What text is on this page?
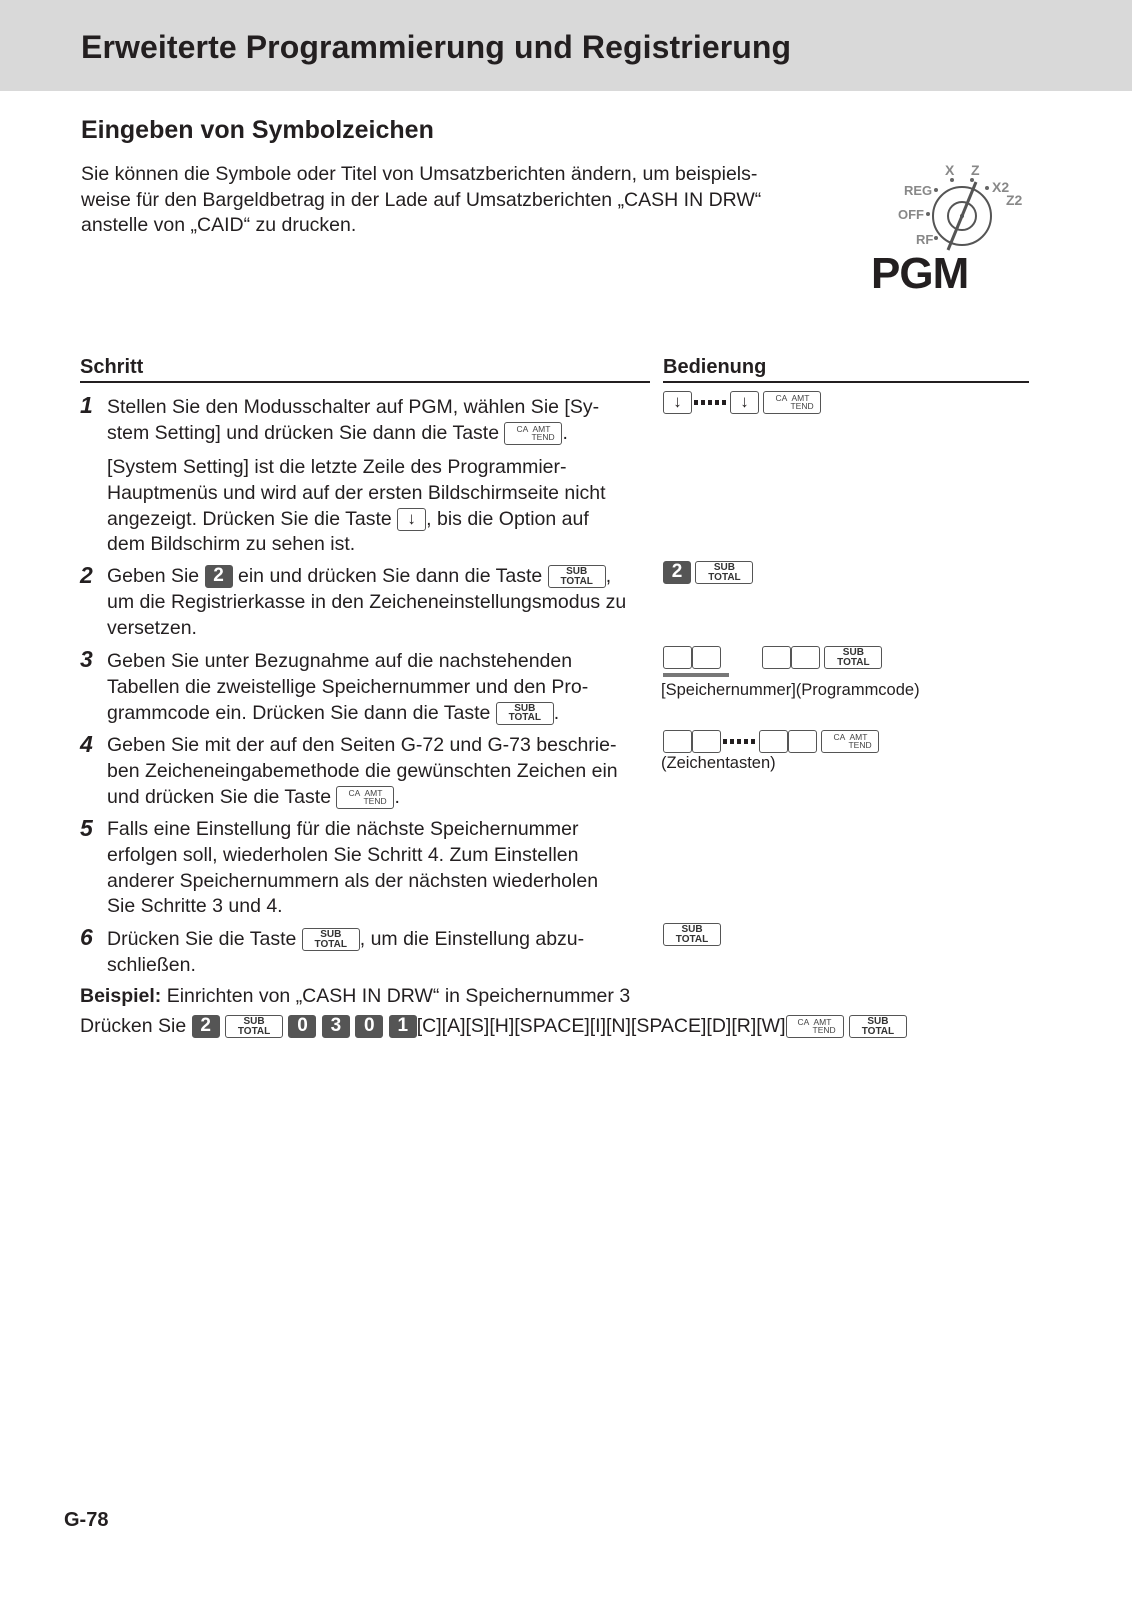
Erweiterte Programmierung und Registrierung
Eingeben von Symbolzeichen
Sie können die Symbole oder Titel von Umsatzberichten ändern, um beispiels-
weise für den Bargeldbetrag in der Lade auf Umsatzberichten „CASH IN DRW“
anstelle von „CAID“ zu drucken.
X Z
REG	X2
Z2
OFF
RF
PGM
Schritt	Bedienung
1 Stellen Sie den Modusschalter auf PGM, wählen Sie [Sy-
stem Setting] und drücken Sie dann die Taste CA AMT
TEND .
[System Setting] ist die letzte Zeile des Programmier-
Hauptmenüs und wird auf der ersten Bildschirmseite nicht
angezeigt. Drücken Sie die Taste ↓ , bis die Option auf
dem Bildschirm zu sehen ist.
↓	↓	CA AMT
TEND
2 Geben Sie 2 ein und drücken Sie dann die Taste	SUB
TOTAL ,
um die Registrierkasse in den Zeicheneinstellungsmodus zu
versetzen.
2	SUB
TOTAL
3 Geben Sie unter Bezugnahme auf die nachstehenden
Tabellen die zweistellige Speichernummer und den Pro-
grammcode ein. Drücken Sie dann die Taste	SUB
TOTAL .

SUB
TOTAL
[Speichernummer](Programmcode)
4 Geben Sie mit der auf den Seiten G-72 und G-73 beschrie-
ben Zeicheneingabemethode die gewünschten Zeichen ein
und drücken Sie die Taste CA AMT
TEND .

CA AMT
TEND
(Zeichentasten)
5 Falls eine Einstellung für die nächste Speichernummer
erfolgen soll, wiederholen Sie Schritt 4. Zum Einstellen
anderer Speichernummern als der nächsten wiederholen
Sie Schritte 3 und 4.
6 Drücken Sie die Taste	SUB
TOTAL , um die Einstellung abzu-
schließen.
SUB
TOTAL
Beispiel: Einrichten von „CASH IN DRW“ in Speichernummer 3
Drücken Sie 2	SUB
TOTAL	0 3 0 1 [C][A][S][H][SPACE][I][N][SPACE][D][R][W] CA AMT
TEND

SUB
TOTAL
G-78
